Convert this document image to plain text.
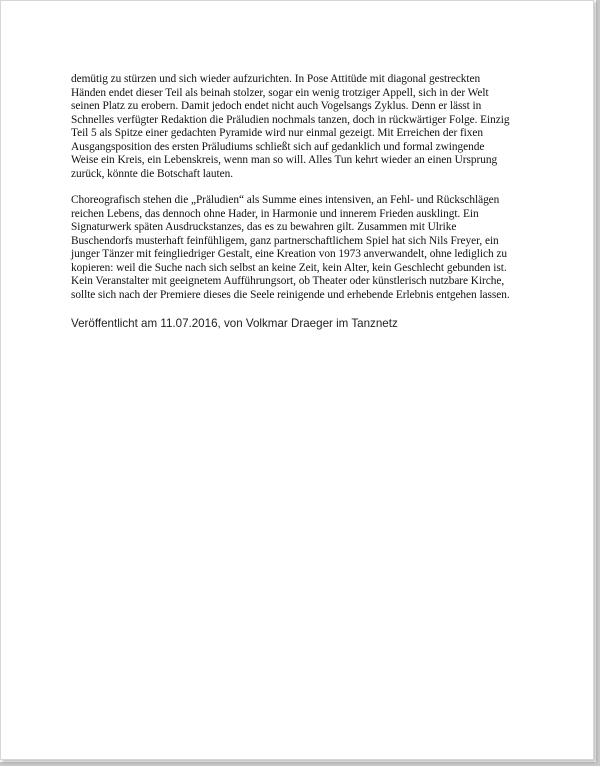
demütig zu stürzen und sich wieder aufzurichten. In Pose Attitüde mit diagonal gestreckten
Händen endet dieser Teil als beinah stolzer, sogar ein wenig trotziger Appell, sich in der Welt
seinen Platz zu erobern. Damit jedoch endet nicht auch Vogelsangs Zyklus. Denn er lässt in
Schnelles verfügter Redaktion die Präludien nochmals tanzen, doch in rückwärtiger Folge. Einzig
Teil 5 als Spitze einer gedachten Pyramide wird nur einmal gezeigt. Mit Erreichen der fixen
Ausgangsposition des ersten Präludiums schließt sich auf gedanklich und formal zwingende
Weise ein Kreis, ein Lebenskreis, wenn man so will. Alles Tun kehrt wieder an einen Ursprung
zurück, könnte die Botschaft lauten.

Choreografisch stehen die „Präludien“ als Summe eines intensiven, an Fehl- und Rückschlägen
reichen Lebens, das dennoch ohne Hader, in Harmonie und innerem Frieden ausklingt. Ein
Signaturwerk späten Ausdruckstanzes, das es zu bewahren gilt. Zusammen mit Ulrike
Buschendorfs musterhaft feinfühligem, ganz partnerschaftlichem Spiel hat sich Nils Freyer, ein
junger Tänzer mit feingliedriger Gestalt, eine Kreation von 1973 anverwandelt, ohne lediglich zu
kopieren: weil die Suche nach sich selbst an keine Zeit, kein Alter, kein Geschlecht gebunden ist.
Kein Veranstalter mit geeignetem Aufführungsort, ob Theater oder künstlerisch nutzbare Kirche,
sollte sich nach der Premiere dieses die Seele reinigende und erhebende Erlebnis entgehen lassen.

Veröffentlicht am 11.07.2016, von Volkmar Draeger im Tanznetz
